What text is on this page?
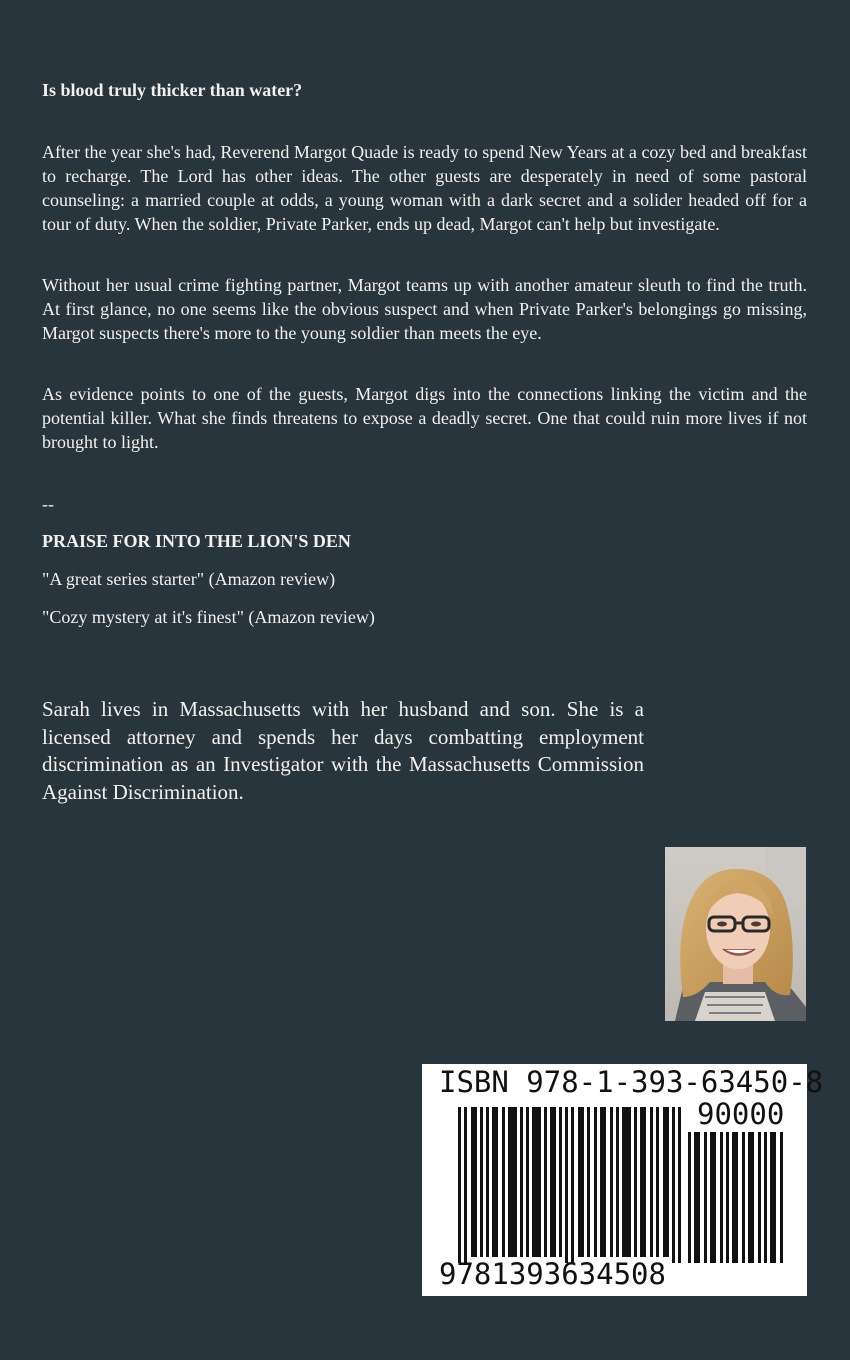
Is blood truly thicker than water?

After the year she's had, Reverend Margot Quade is ready to spend New Years at a cozy bed and breakfast to recharge. The Lord has other ideas. The other guests are desperately in need of some pastoral counseling: a married couple at odds, a young woman with a dark secret and a solider headed off for a tour of duty. When the soldier, Private Parker, ends up dead, Margot can't help but investigate.

Without her usual crime fighting partner, Margot teams up with another amateur sleuth to find the truth. At first glance, no one seems like the obvious suspect and when Private Parker's belongings go missing, Margot suspects there's more to the young soldier than meets the eye.

As evidence points to one of the guests, Margot digs into the connections linking the victim and the potential killer. What she finds threatens to expose a deadly secret. One that could ruin more lives if not brought to light.

--
PRAISE FOR INTO THE LION'S DEN
"A great series starter" (Amazon review)
"Cozy mystery at it's finest" (Amazon review)

Sarah lives in Massachusetts with her husband and son. She is a licensed attorney and spends her days combatting employment discrimination as an Investigator with the Massachusetts Commission Against Discrimination.

ISBN 978-1-393-63450-8
90000
9781393634508
